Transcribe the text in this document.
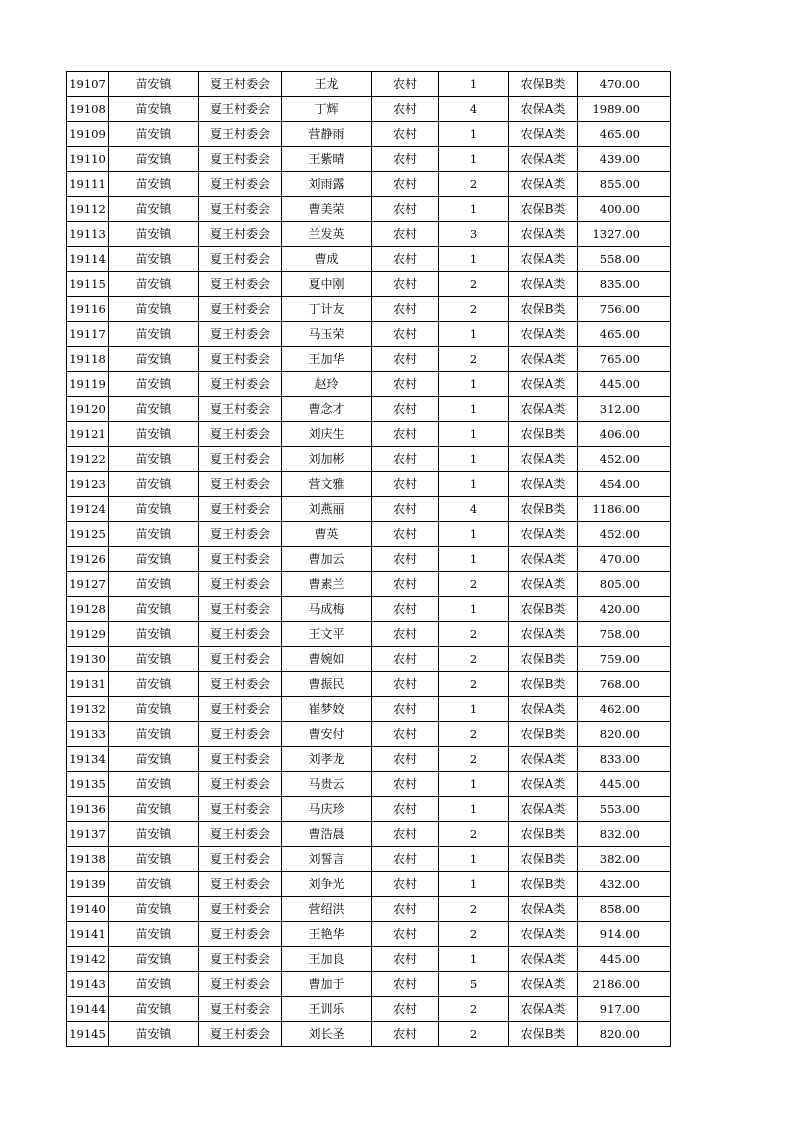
19107	苗安镇	夏王村委会	王龙	农村	1	农保B类	470.00
19108	苗安镇	夏王村委会	丁辉	农村	4	农保A类	1989.00
19109	苗安镇	夏王村委会	营静雨	农村	1	农保A类	465.00
19110	苗安镇	夏王村委会	王紫晴	农村	1	农保A类	439.00
19111	苗安镇	夏王村委会	刘雨露	农村	2	农保A类	855.00
19112	苗安镇	夏王村委会	曹美荣	农村	1	农保B类	400.00
19113	苗安镇	夏王村委会	兰发英	农村	3	农保A类	1327.00
19114	苗安镇	夏王村委会	曹成	农村	1	农保A类	558.00
19115	苗安镇	夏王村委会	夏中刚	农村	2	农保A类	835.00
19116	苗安镇	夏王村委会	丁计友	农村	2	农保B类	756.00
19117	苗安镇	夏王村委会	马玉荣	农村	1	农保A类	465.00
19118	苗安镇	夏王村委会	王加华	农村	2	农保A类	765.00
19119	苗安镇	夏王村委会	赵玲	农村	1	农保A类	445.00
19120	苗安镇	夏王村委会	曹念才	农村	1	农保A类	312.00
19121	苗安镇	夏王村委会	刘庆生	农村	1	农保B类	406.00
19122	苗安镇	夏王村委会	刘加彬	农村	1	农保A类	452.00
19123	苗安镇	夏王村委会	营文雅	农村	1	农保A类	454.00
19124	苗安镇	夏王村委会	刘燕丽	农村	4	农保B类	1186.00
19125	苗安镇	夏王村委会	曹英	农村	1	农保A类	452.00
19126	苗安镇	夏王村委会	曹加云	农村	1	农保A类	470.00
19127	苗安镇	夏王村委会	曹素兰	农村	2	农保A类	805.00
19128	苗安镇	夏王村委会	马成梅	农村	1	农保B类	420.00
19129	苗安镇	夏王村委会	王文平	农村	2	农保A类	758.00
19130	苗安镇	夏王村委会	曹婉如	农村	2	农保B类	759.00
19131	苗安镇	夏王村委会	曹振民	农村	2	农保B类	768.00
19132	苗安镇	夏王村委会	崔梦姣	农村	1	农保A类	462.00
19133	苗安镇	夏王村委会	曹安付	农村	2	农保B类	820.00
19134	苗安镇	夏王村委会	刘孝龙	农村	2	农保A类	833.00
19135	苗安镇	夏王村委会	马贵云	农村	1	农保A类	445.00
19136	苗安镇	夏王村委会	马庆珍	农村	1	农保A类	553.00
19137	苗安镇	夏王村委会	曹浩晨	农村	2	农保B类	832.00
19138	苗安镇	夏王村委会	刘誓言	农村	1	农保B类	382.00
19139	苗安镇	夏王村委会	刘争光	农村	1	农保B类	432.00
19140	苗安镇	夏王村委会	营绍洪	农村	2	农保A类	858.00
19141	苗安镇	夏王村委会	王艳华	农村	2	农保A类	914.00
19142	苗安镇	夏王村委会	王加良	农村	1	农保A类	445.00
19143	苗安镇	夏王村委会	曹加于	农村	5	农保A类	2186.00
19144	苗安镇	夏王村委会	王训乐	农村	2	农保A类	917.00
19145	苗安镇	夏王村委会	刘长圣	农村	2	农保B类	820.00
